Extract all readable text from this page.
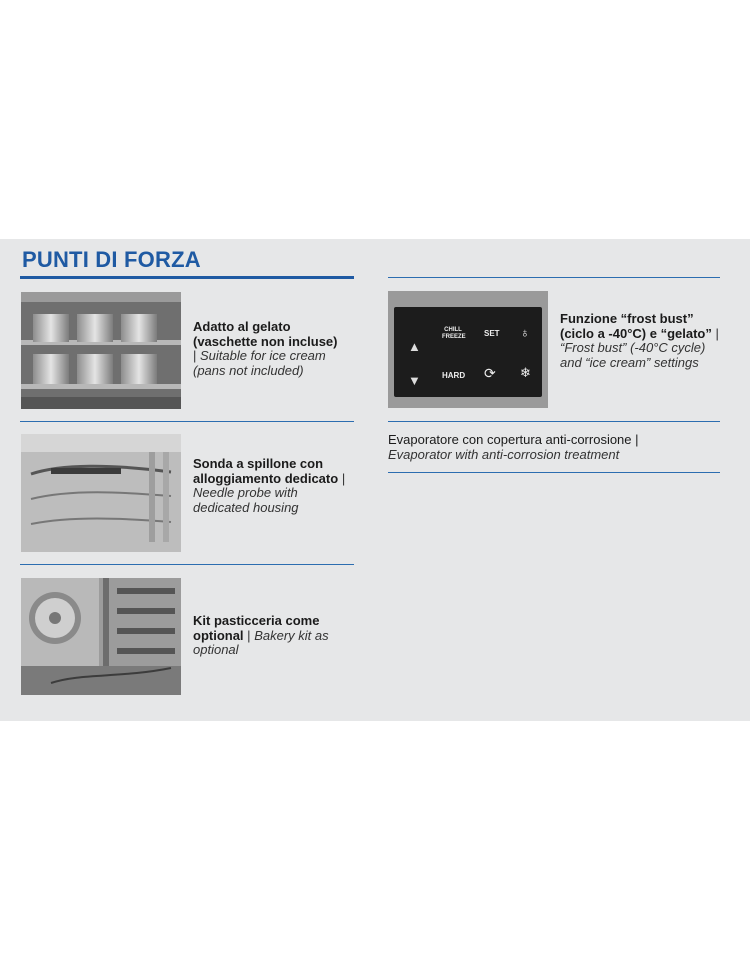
PUNTI DI FORZA
Adatto al gelato (vaschette non incluse)
| Suitable for ice cream (pans not included)
Sonda a spillone con alloggiamento dedicato | Needle probe with dedicated housing
Kit pasticceria come optional | Bakery kit as optional
▲
▼
CHILL FREEZE SET
HARD ⟳
♁
❄
Funzione “frost bust” (ciclo a -40°C) e “gelato” | “Frost bust” (-40°C cycle) and “ice cream” settings
Evaporatore con copertura anti-corrosione |
Evaporator with anti-corrosion treatment
